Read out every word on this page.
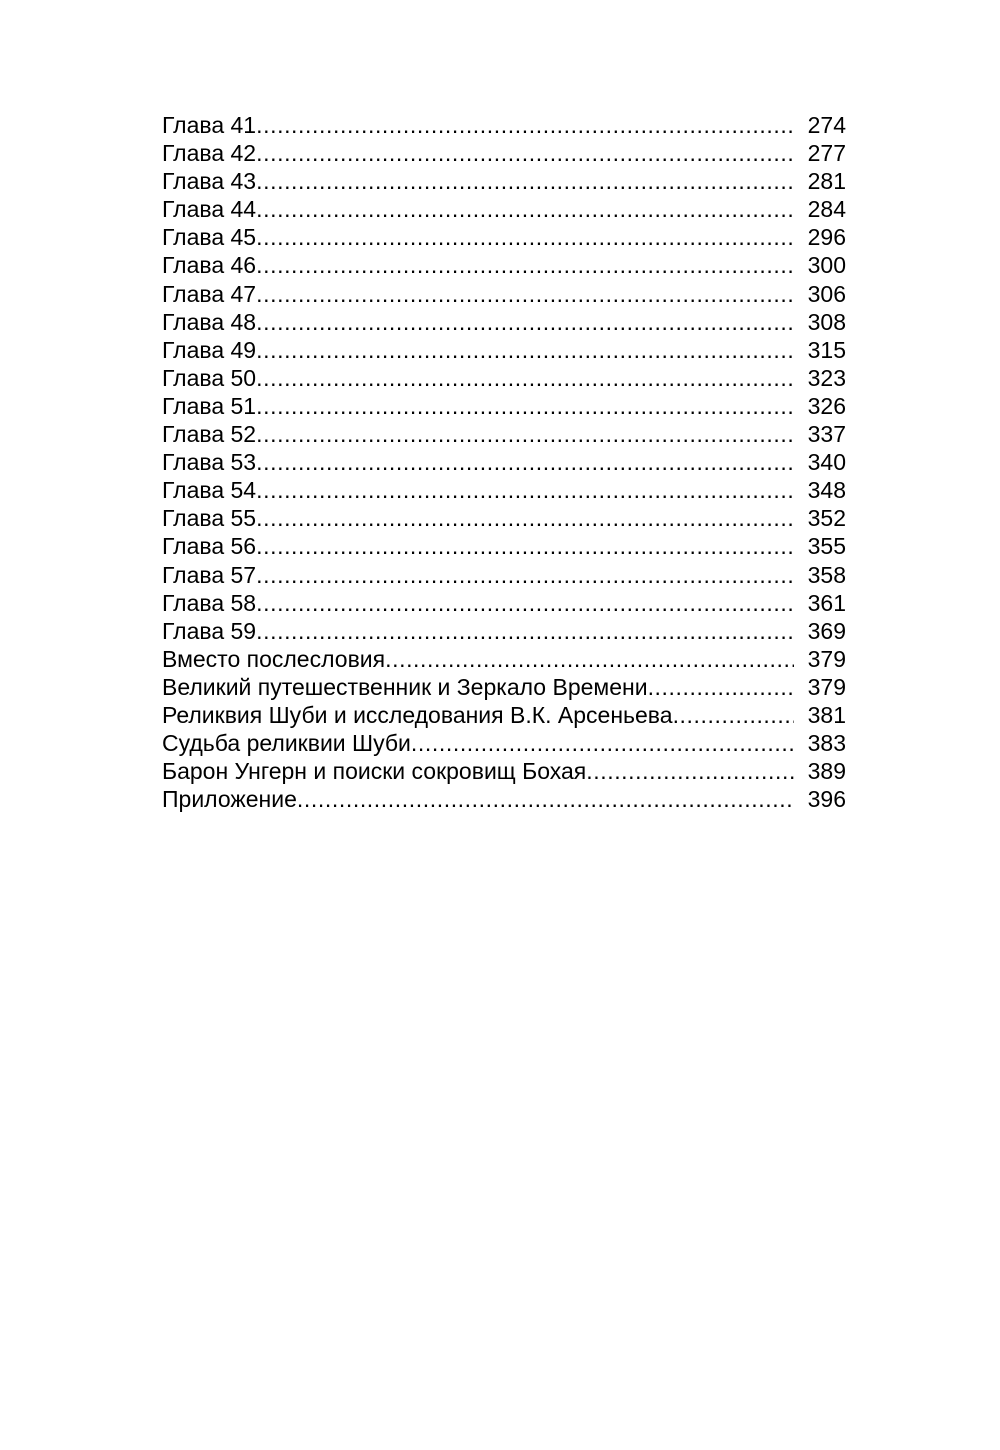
Глава 41 .....	274
Глава 42 .....	277
Глава 43 .....	281
Глава 44 .....	284
Глава 45 .....	296
Глава 46 .....	300
Глава 47 .....	306
Глава 48 .....	308
Глава 49 .....	315
Глава 50 .....	323
Глава 51 .....	326
Глава 52 .....	337
Глава 53 .....	340
Глава 54 .....	348
Глава 55 .....	352
Глава 56 .....	355
Глава 57 .....	358
Глава 58 .....	361
Глава 59 .....	369
Вместо послесловия .....	379
Великий путешественник и Зеркало Времени .....	379
Реликвия Шуби и исследования В.К. Арсеньева .....	381
Судьба реликвии Шуби .....	383
Барон Унгерн и поиски сокровищ Бохая .....	389
Приложение .....	396
